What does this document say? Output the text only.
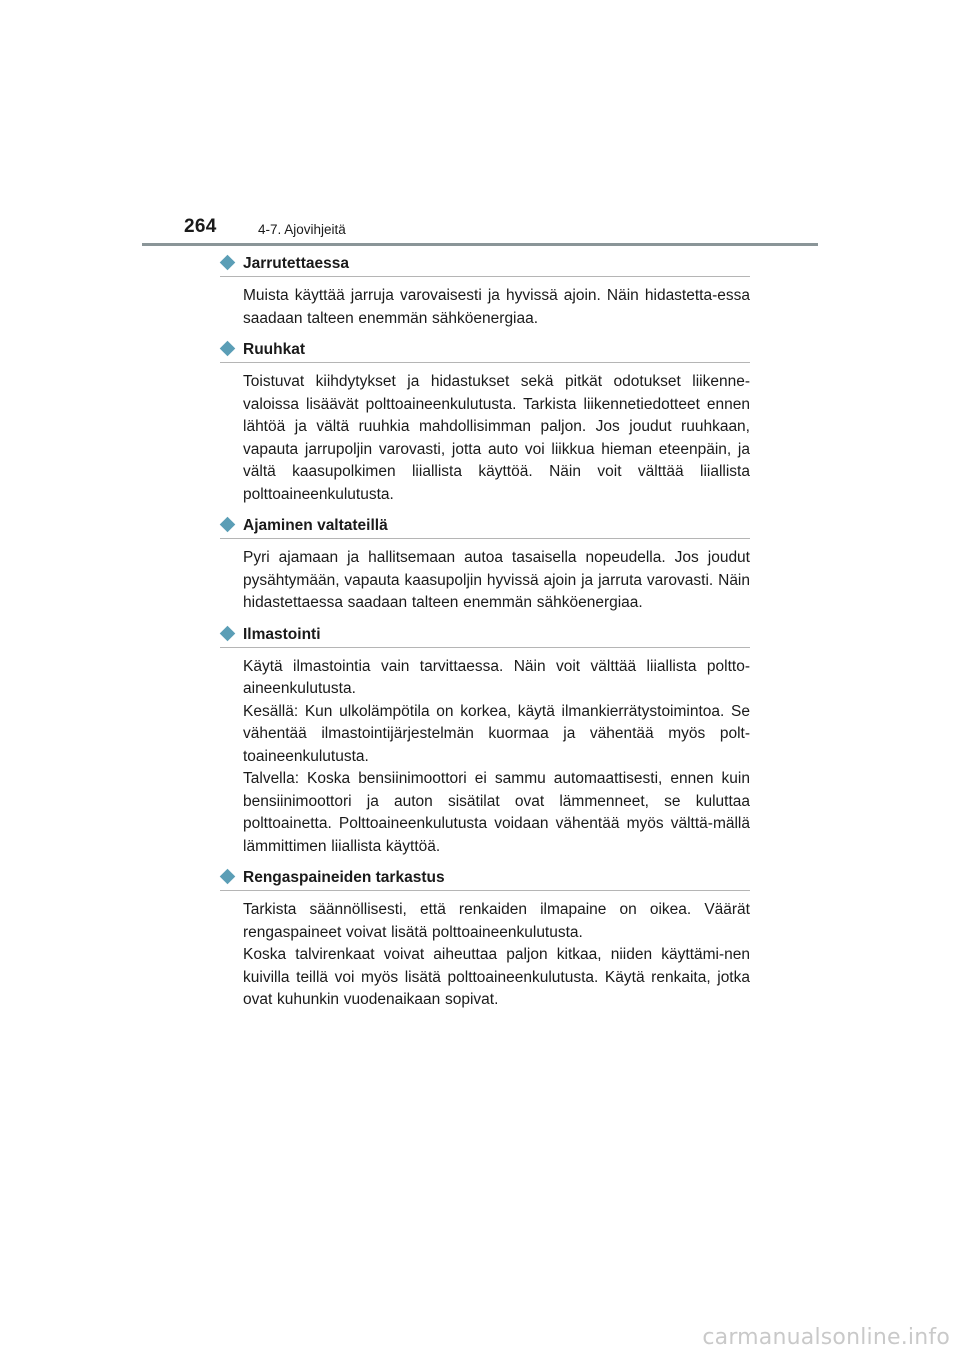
264	4-7. Ajovihjeitä
Jarrutettaessa

Muista käyttää jarruja varovaisesti ja hyvissä ajoin. Näin hidastetta-essa saadaan talteen enemmän sähköenergiaa.

Ruuhkat

Toistuvat kiihdytykset ja hidastukset sekä pitkät odotukset liikenne-valoissa lisäävät polttoaineenkulutusta. Tarkista liikennetiedotteet ennen lähtöä ja vältä ruuhkia mahdollisimman paljon. Jos joudut ruuhkaan, vapauta jarrupoljin varovasti, jotta auto voi liikkua hieman eteenpäin, ja vältä kaasupolkimen liiallista käyttöä. Näin voit välttää liiallista polttoaineenkulutusta.

Ajaminen valtateillä

Pyri ajamaan ja hallitsemaan autoa tasaisella nopeudella. Jos joudut pysähtymään, vapauta kaasupoljin hyvissä ajoin ja jarruta varovasti. Näin hidastettaessa saadaan talteen enemmän sähköenergiaa.

Ilmastointi

Käytä ilmastointia vain tarvittaessa. Näin voit välttää liiallista poltto-aineenkulutusta.

Kesällä: Kun ulkolämpötila on korkea, käytä ilmankierrätystoimintoa. Se vähentää ilmastointijärjestelmän kuormaa ja vähentää myös polt-toaineenkulutusta.

Talvella: Koska bensiinimoottori ei sammu automaattisesti, ennen kuin bensiinimoottori ja auton sisätilat ovat lämmenneet, se kuluttaa polttoainetta. Polttoaineenkulutusta voidaan vähentää myös välttä-mällä lämmittimen liiallista käyttöä.

Rengaspaineiden tarkastus

Tarkista säännöllisesti, että renkaiden ilmapaine on oikea. Väärät rengaspaineet voivat lisätä polttoaineenkulutusta.

Koska talvirenkaat voivat aiheuttaa paljon kitkaa, niiden käyttämi-nen kuivilla teillä voi myös lisätä polttoaineenkulutusta. Käytä renkaita, jotka ovat kuhunkin vuodenaikaan sopivat.

carmanualsonline.info
